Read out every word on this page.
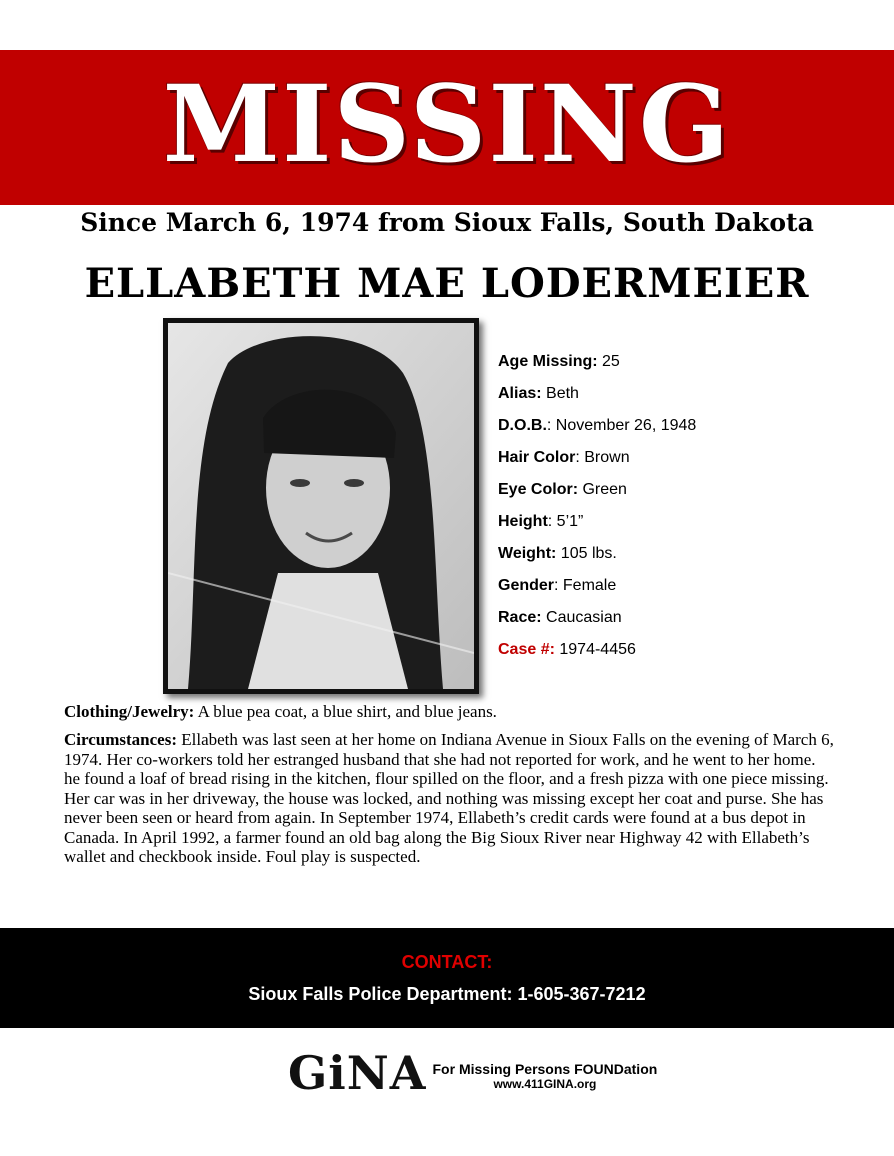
MISSING
Since March 6, 1974 from Sioux Falls, South Dakota
ELLABETH MAE LODERMEIER
Age Missing: 25
Alias: Beth
D.O.B.: November 26, 1948
Hair Color: Brown
Eye Color: Green
Height: 5’1”
Weight: 105 lbs.
Gender: Female
Race: Caucasian
Case #: 1974-4456
Clothing/Jewelry: A blue pea coat, a blue shirt, and blue jeans.
Circumstances: Ellabeth was last seen at her home on Indiana Avenue in Sioux Falls on the evening of March 6, 1974. Her co-workers told her estranged husband that she had not reported for work, and he went to her home. he found a loaf of bread rising in the kitchen, flour spilled on the floor, and a fresh pizza with one piece missing. Her car was in her driveway, the house was locked, and nothing was missing except her coat and purse. She has never been seen or heard from again. In September 1974, Ellabeth’s credit cards were found at a bus depot in Canada. In April 1992, a farmer found an old bag along the Big Sioux River near Highway 42 with Ellabeth’s wallet and checkbook inside. Foul play is suspected.
CONTACT:
Sioux Falls Police Department: 1-605-367-7212
GiNA For Missing Persons FOUNDation
www.411GINA.org
